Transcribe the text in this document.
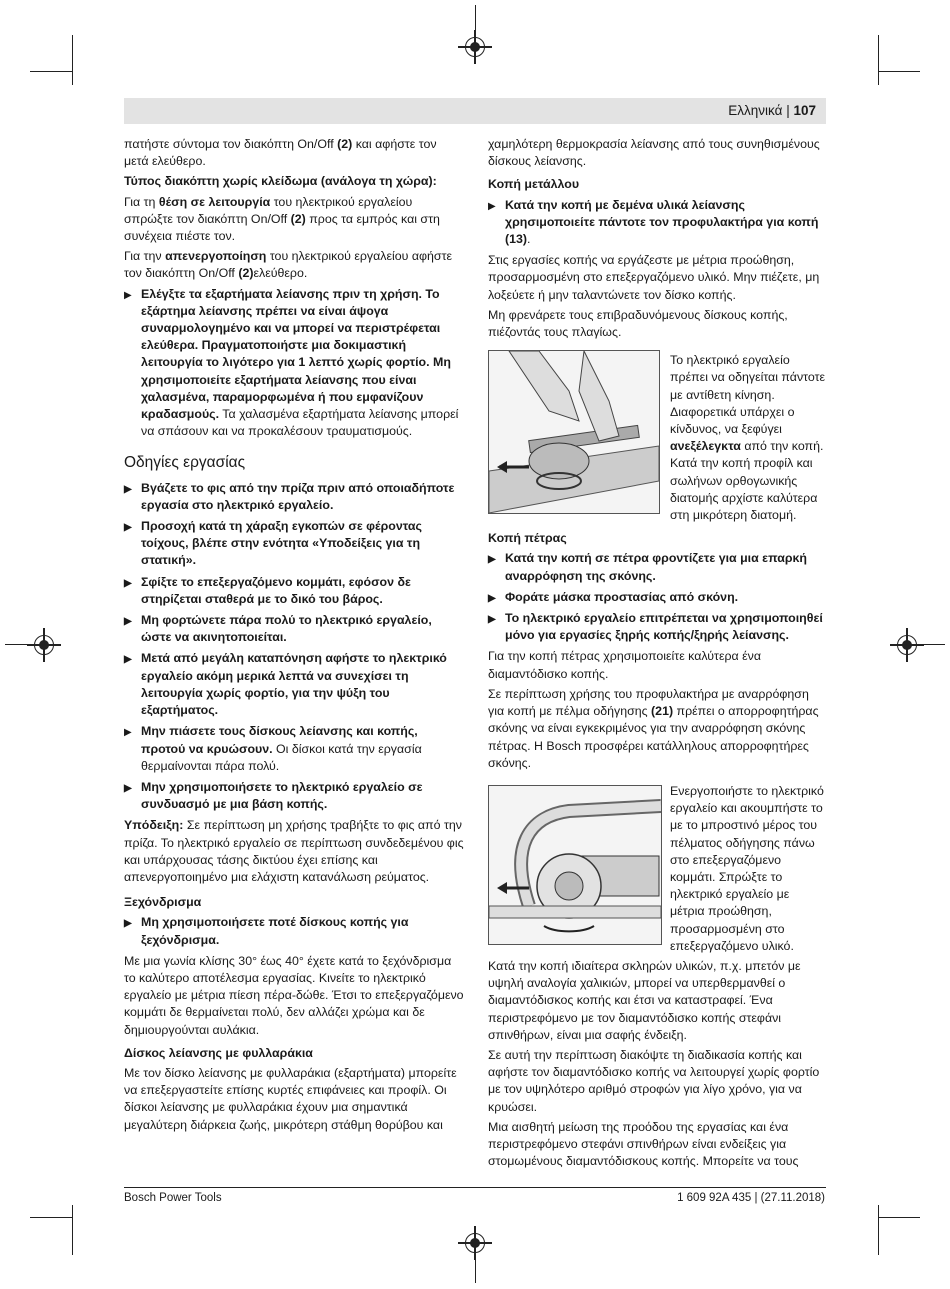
Ελληνικά | 107

πατήστε σύντομα τον διακόπτη On/Off (2) και αφήστε τον μετά ελεύθερο.

Τύπος διακόπτη χωρίς κλείδωμα (ανάλογα τη χώρα):

Για τη θέση σε λειτουργία του ηλεκτρικού εργαλείου σπρώξτε τον διακόπτη On/Off (2) προς τα εμπρός και στη συνέχεια πιέστε τον.

Για την απενεργοποίηση του ηλεκτρικού εργαλείου αφήστε τον διακόπτη On/Off (2)ελεύθερο.

▶ Ελέγξτε τα εξαρτήματα λείανσης πριν τη χρήση. Το εξάρτημα λείανσης πρέπει να είναι άψογα συναρμολογημένο και να μπορεί να περιστρέφεται ελεύθερα. Πραγματοποιήστε μια δοκιμαστική λειτουργία το λιγότερο για 1 λεπτό χωρίς φορτίο. Μη χρησιμοποιείτε εξαρτήματα λείανσης που είναι χαλασμένα, παραμορφωμένα ή που εμφανίζουν κραδασμούς. Τα χαλασμένα εξαρτήματα λείανσης μπορεί να σπάσουν και να προκαλέσουν τραυματισμούς.

Οδηγίες εργασίας

▶ Βγάζετε το φις από την πρίζα πριν από οποιαδήποτε εργασία στο ηλεκτρικό εργαλείο.

▶ Προσοχή κατά τη χάραξη εγκοπών σε φέροντας τοίχους, βλέπε στην ενότητα «Υποδείξεις για τη στατική».

▶ Σφίξτε το επεξεργαζόμενο κομμάτι, εφόσον δε στηρίζεται σταθερά με το δικό του βάρος.

▶ Μη φορτώνετε πάρα πολύ το ηλεκτρικό εργαλείο, ώστε να ακινητοποιείται.

▶ Μετά από μεγάλη καταπόνηση αφήστε το ηλεκτρικό εργαλείο ακόμη μερικά λεπτά να συνεχίσει τη λειτουργία χωρίς φορτίο, για την ψύξη του εξαρτήματος.

▶ Μην πιάσετε τους δίσκους λείανσης και κοπής, προτού να κρυώσουν. Οι δίσκοι κατά την εργασία θερμαίνονται πάρα πολύ.

▶ Μην χρησιμοποιήσετε το ηλεκτρικό εργαλείο σε συνδυασμό με μια βάση κοπής.

Υπόδειξη: Σε περίπτωση μη χρήσης τραβήξτε το φις από την πρίζα. Το ηλεκτρικό εργαλείο σε περίπτωση συνδεδεμένου φις και υπάρχουσας τάσης δικτύου έχει επίσης και απενεργοποιημένο μια ελάχιστη κατανάλωση ρεύματος.

Ξεχόνδρισμα

▶ Μη χρησιμοποιήσετε ποτέ δίσκους κοπής για ξεχόνδρισμα.

Με μια γωνία κλίσης 30° έως 40° έχετε κατά το ξεχόνδρισμα το καλύτερο αποτέλεσμα εργασίας. Κινείτε το ηλεκτρικό εργαλείο με μέτρια πίεση πέρα-δώθε. Έτσι το επεξεργαζόμενο κομμάτι δε θερμαίνεται πολύ, δεν αλλάζει χρώμα και δε δημιουργούνται αυλάκια.

Δίσκος λείανσης με φυλλαράκια

Με τον δίσκο λείανσης με φυλλαράκια (εξαρτήματα) μπορείτε να επεξεργαστείτε επίσης κυρτές επιφάνειες και προφίλ. Οι δίσκοι λείανσης με φυλλαράκια έχουν μια σημαντικά μεγαλύτερη διάρκεια ζωής, μικρότερη στάθμη θορύβου και

χαμηλότερη θερμοκρασία λείανσης από τους συνηθισμένους δίσκους λείανσης.

Κοπή μετάλλου

▶ Κατά την κοπή με δεμένα υλικά λείανσης χρησιμοποιείτε πάντοτε τον προφυλακτήρα για κοπή (13).

Στις εργασίες κοπής να εργάζεστε με μέτρια προώθηση, προσαρμοσμένη στο επεξεργαζόμενο υλικό. Μην πιέζετε, μη λοξεύετε ή μην ταλαντώνετε τον δίσκο κοπής.

Μη φρενάρετε τους επιβραδυνόμενους δίσκους κοπής, πιέζοντάς τους πλαγίως.

Το ηλεκτρικό εργαλείο πρέπει να οδηγείται πάντοτε με αντίθετη κίνηση. Διαφορετικά υπάρχει ο κίνδυνος, να ξεφύγει ανεξέλεγκτα από την κοπή. Κατά την κοπή προφίλ και σωλήνων ορθογωνικής διατομής αρχίστε καλύτερα στη μικρότερη διατομή.

Κοπή πέτρας

▶ Κατά την κοπή σε πέτρα φροντίζετε για μια επαρκή αναρρόφηση της σκόνης.

▶ Φοράτε μάσκα προστασίας από σκόνη.

▶ Το ηλεκτρικό εργαλείο επιτρέπεται να χρησιμοποιηθεί μόνο για εργασίες ξηρής κοπής/ξηρής λείανσης.

Για την κοπή πέτρας χρησιμοποιείτε καλύτερα ένα διαμαντόδισκο κοπής.

Σε περίπτωση χρήσης του προφυλακτήρα με αναρρόφηση για κοπή με πέλμα οδήγησης (21) πρέπει ο απορροφητήρας σκόνης να είναι εγκεκριμένος για την αναρρόφηση σκόνης πέτρας. Η Bosch προσφέρει κατάλληλους απορροφητήρες σκόνης.

Ενεργοποιήστε το ηλεκτρικό εργαλείο και ακουμπήστε το με το μπροστινό μέρος του πέλματος οδήγησης πάνω στο επεξεργαζόμενο κομμάτι. Σπρώξτε το ηλεκτρικό εργαλείο με μέτρια προώθηση, προσαρμοσμένη στο επεξεργαζόμενο υλικό.

Κατά την κοπή ιδιαίτερα σκληρών υλικών, π.χ. μπετόν με υψηλή αναλογία χαλικιών, μπορεί να υπερθερμανθεί ο διαμαντόδισκος κοπής και έτσι να καταστραφεί. Ένα περιστρεφόμενο με τον διαμαντόδισκο κοπής στεφάνι σπινθήρων, είναι μια σαφής ένδειξη.

Σε αυτή την περίπτωση διακόψτε τη διαδικασία κοπής και αφήστε τον διαμαντόδισκο κοπής να λειτουργεί χωρίς φορτίο με τον υψηλότερο αριθμό στροφών για λίγο χρόνο, για να κρυώσει.

Μια αισθητή μείωση της προόδου της εργασίας και ένα περιστρεφόμενο στεφάνι σπινθήρων είναι ενδείξεις για στομωμένους διαμαντόδισκους κοπής. Μπορείτε να τους

Bosch Power Tools	1 609 92A 435 | (27.11.2018)
